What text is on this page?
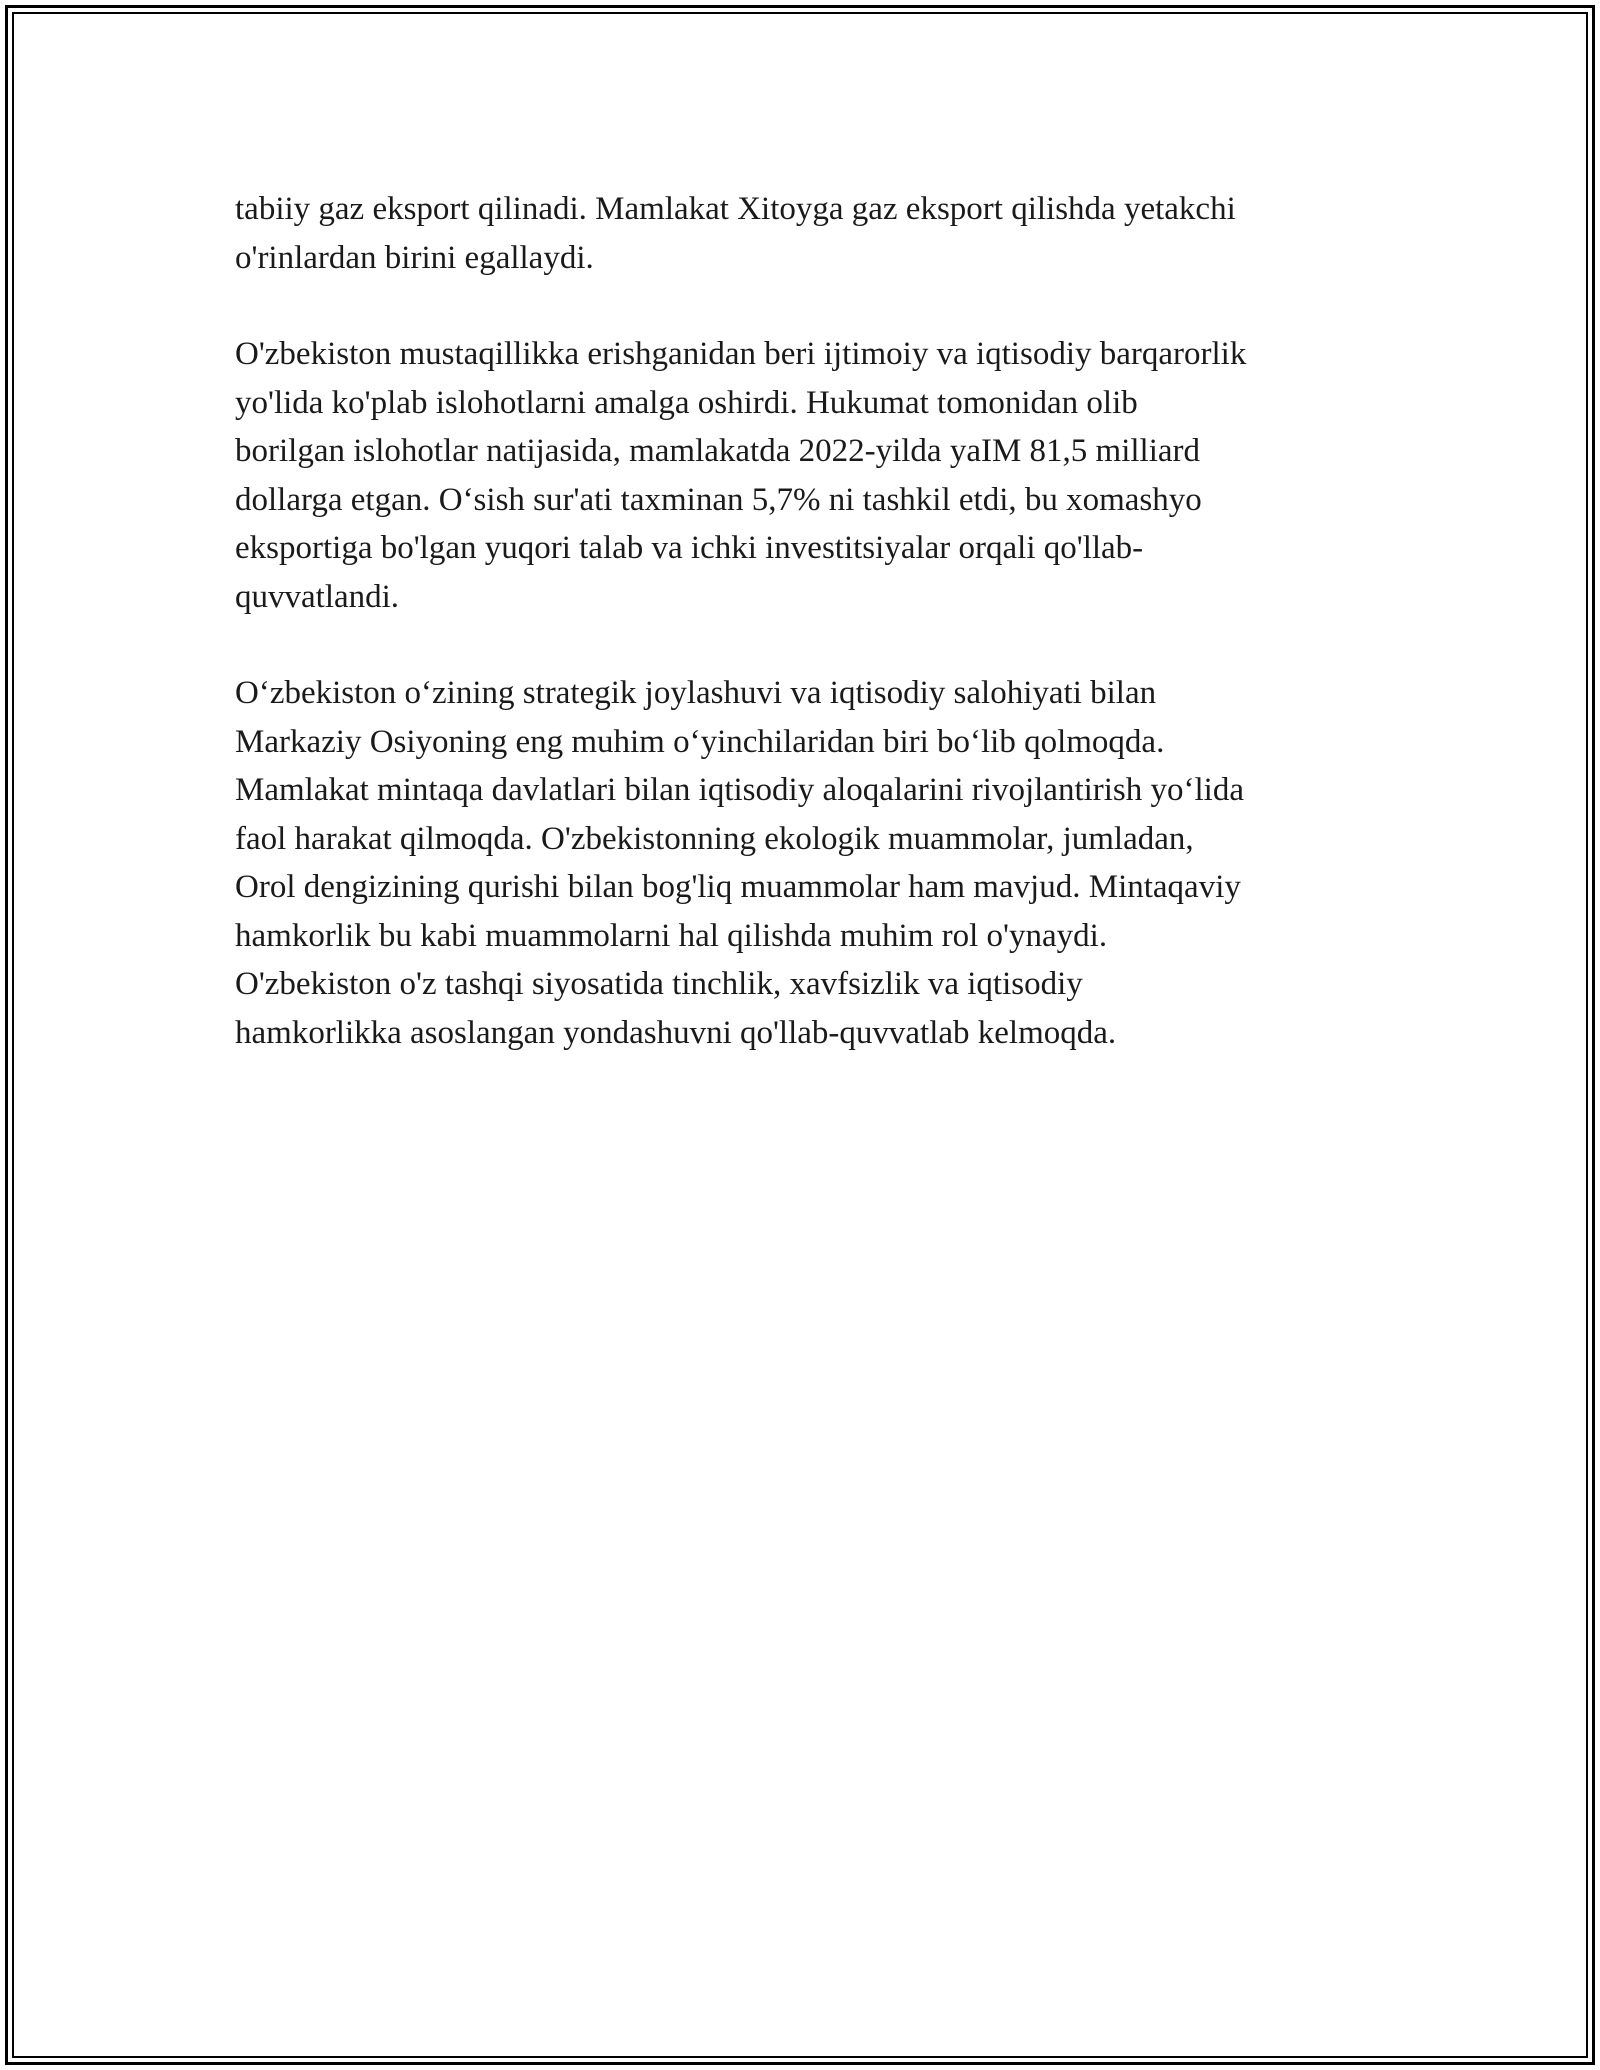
tabiiy gaz eksport qilinadi. Mamlakat Xitoyga gaz eksport qilishda yetakchi
o'rinlardan birini egallaydi.

O'zbekiston mustaqillikka erishganidan beri ijtimoiy va iqtisodiy barqarorlik
yo'lida ko'plab islohotlarni amalga oshirdi. Hukumat tomonidan olib
borilgan islohotlar natijasida, mamlakatda 2022-yilda yaIM 81,5 milliard
dollarga etgan. O‘sish sur'ati taxminan 5,7% ni tashkil etdi, bu xomashyo
eksportiga bo'lgan yuqori talab va ichki investitsiyalar orqali qo'llab-
quvvatlandi.

O‘zbekiston o‘zining strategik joylashuvi va iqtisodiy salohiyati bilan
Markaziy Osiyoning eng muhim o‘yinchilaridan biri bo‘lib qolmoqda.
Mamlakat mintaqa davlatlari bilan iqtisodiy aloqalarini rivojlantirish yo‘lida
faol harakat qilmoqda. O'zbekistonning ekologik muammolar, jumladan,
Orol dengizining qurishi bilan bog'liq muammolar ham mavjud. Mintaqaviy
hamkorlik bu kabi muammolarni hal qilishda muhim rol o'ynaydi.
O'zbekiston o'z tashqi siyosatida tinchlik, xavfsizlik va iqtisodiy
hamkorlikka asoslangan yondashuvni qo'llab-quvvatlab kelmoqda.
